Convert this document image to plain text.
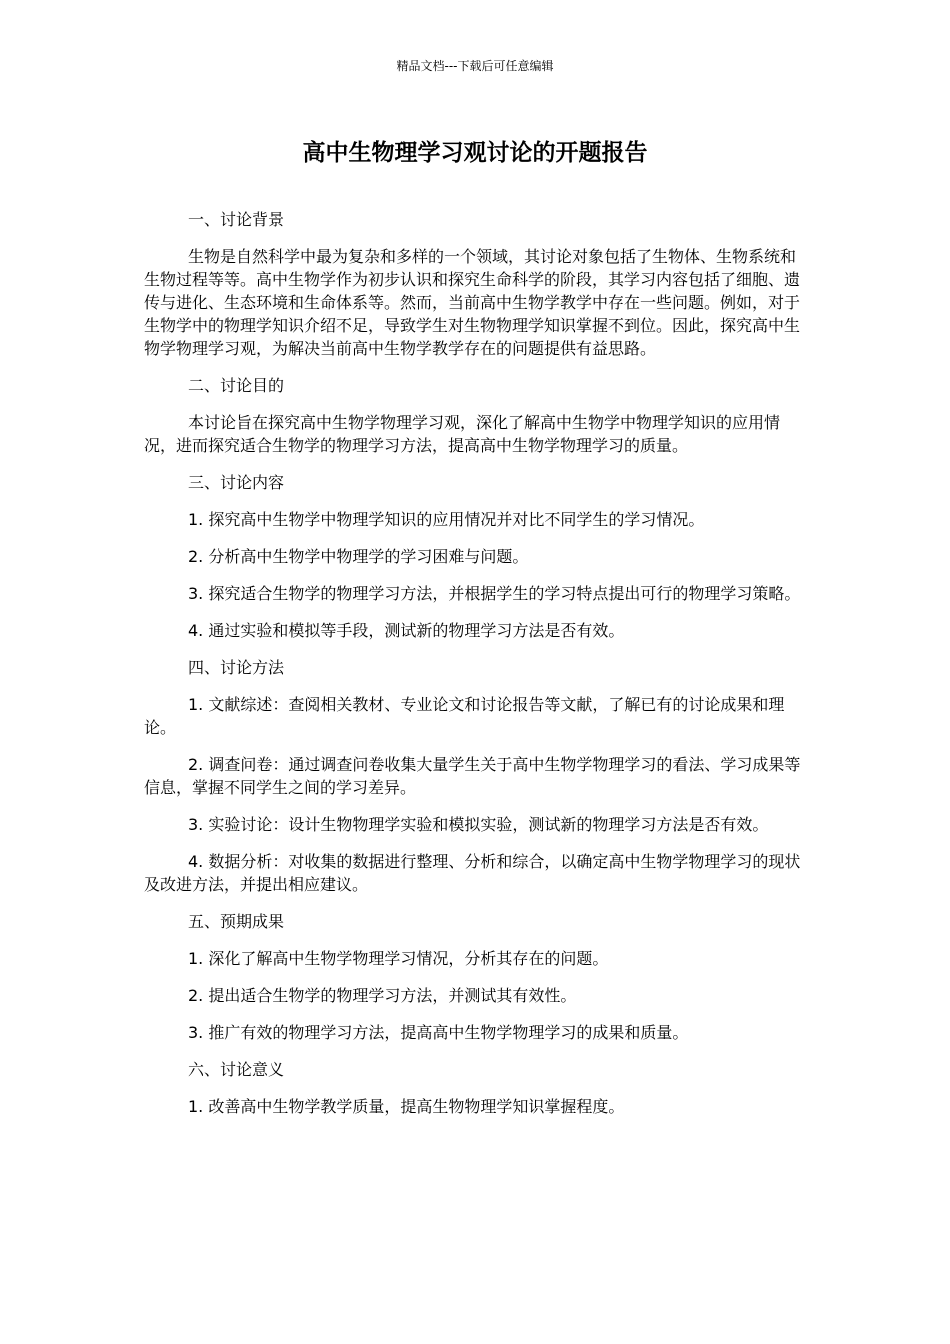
精品文档---下载后可任意编辑
高中生物理学习观讨论的开题报告

一、讨论背景

生物是自然科学中最为复杂和多样的一个领域，其讨论对象包括了生物体、生物系统和生物过程等等。高中生物学作为初步认识和探究生命科学的阶段，其学习内容包括了细胞、遗传与进化、生态环境和生命体系等。然而，当前高中生物学教学中存在一些问题。例如，对于生物学中的物理学知识介绍不足，导致学生对生物物理学知识掌握不到位。因此，探究高中生物学物理学习观，为解决当前高中生物学教学存在的问题提供有益思路。

二、讨论目的

本讨论旨在探究高中生物学物理学习观，深化了解高中生物学中物理学知识的应用情况，进而探究适合生物学的物理学习方法，提高高中生物学物理学习的质量。

三、讨论内容

1. 探究高中生物学中物理学知识的应用情况并对比不同学生的学习情况。

2. 分析高中生物学中物理学的学习困难与问题。

3. 探究适合生物学的物理学习方法，并根据学生的学习特点提出可行的物理学习策略。

4. 通过实验和模拟等手段，测试新的物理学习方法是否有效。

四、讨论方法

1. 文献综述：查阅相关教材、专业论文和讨论报告等文献，了解已有的讨论成果和理论。

2. 调查问卷：通过调查问卷收集大量学生关于高中生物学物理学习的看法、学习成果等信息，掌握不同学生之间的学习差异。

3. 实验讨论：设计生物物理学实验和模拟实验，测试新的物理学习方法是否有效。

4. 数据分析：对收集的数据进行整理、分析和综合，以确定高中生物学物理学习的现状及改进方法，并提出相应建议。

五、预期成果

1. 深化了解高中生物学物理学习情况，分析其存在的问题。

2. 提出适合生物学的物理学习方法，并测试其有效性。

3. 推广有效的物理学习方法，提高高中生物学物理学习的成果和质量。

六、讨论意义

1. 改善高中生物学教学质量，提高生物物理学知识掌握程度。
